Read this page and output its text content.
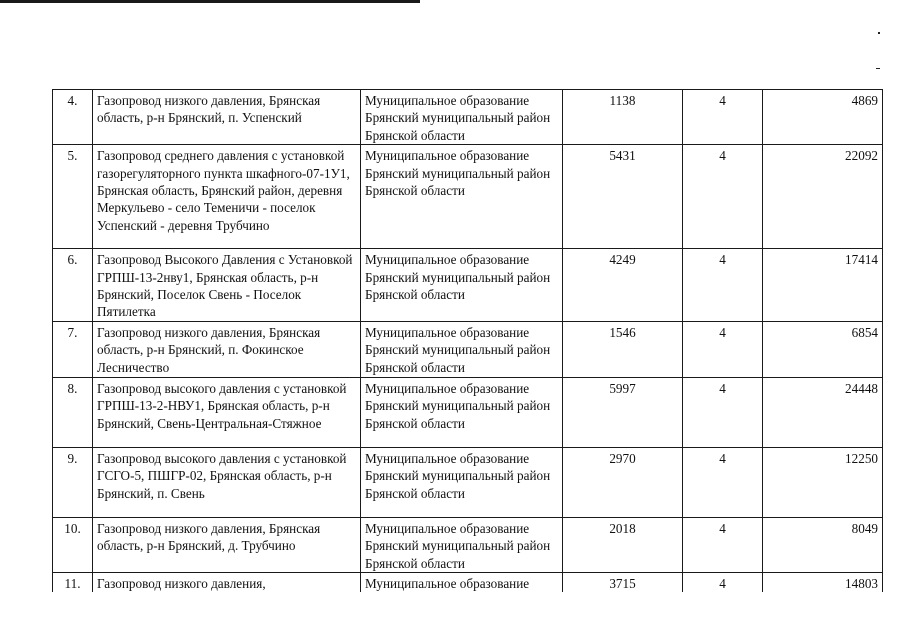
4.	Газопровод низкого давления, Брянская область, р-н Брянский, п. Успенский	Муниципальное образование Брянский муниципальный район Брянской области	1138	4	4869
5.	Газопровод среднего давления с установкой газорегуляторного пункта шкафного-07-1У1, Брянская область, Брянский район, деревня Меркульево - село Теменичи - поселок Успенский - деревня Трубчино	Муниципальное образование Брянский муниципальный район Брянской области	5431	4	22092
6.	Газопровод Высокого Давления с Установкой ГРПШ-13-2нву1, Брянская область, р-н Брянский, Поселок Свень - Поселок Пятилетка	Муниципальное образование Брянский муниципальный район Брянской области	4249	4	17414
7.	Газопровод низкого давления, Брянская область, р-н Брянский, п. Фокинское Лесничество	Муниципальное образование Брянский муниципальный район Брянской области	1546	4	6854
8.	Газопровод высокого давления с установкой ГРПШ-13-2-НВУ1, Брянская область, р-н Брянский, Свень-Центральная-Стяжное	Муниципальное образование Брянский муниципальный район Брянской области	5997	4	24448
9.	Газопровод высокого давления с установкой ГСГО-5, ПШГР-02, Брянская область, р-н Брянский, п. Свень	Муниципальное образование Брянский муниципальный район Брянской области	2970	4	12250
10.	Газопровод низкого давления, Брянская область, р-н Брянский, д. Трубчино	Муниципальное образование Брянский муниципальный район Брянской области	2018	4	8049
11.	Газопровод низкого давления,	Муниципальное образование	3715	4	14803
